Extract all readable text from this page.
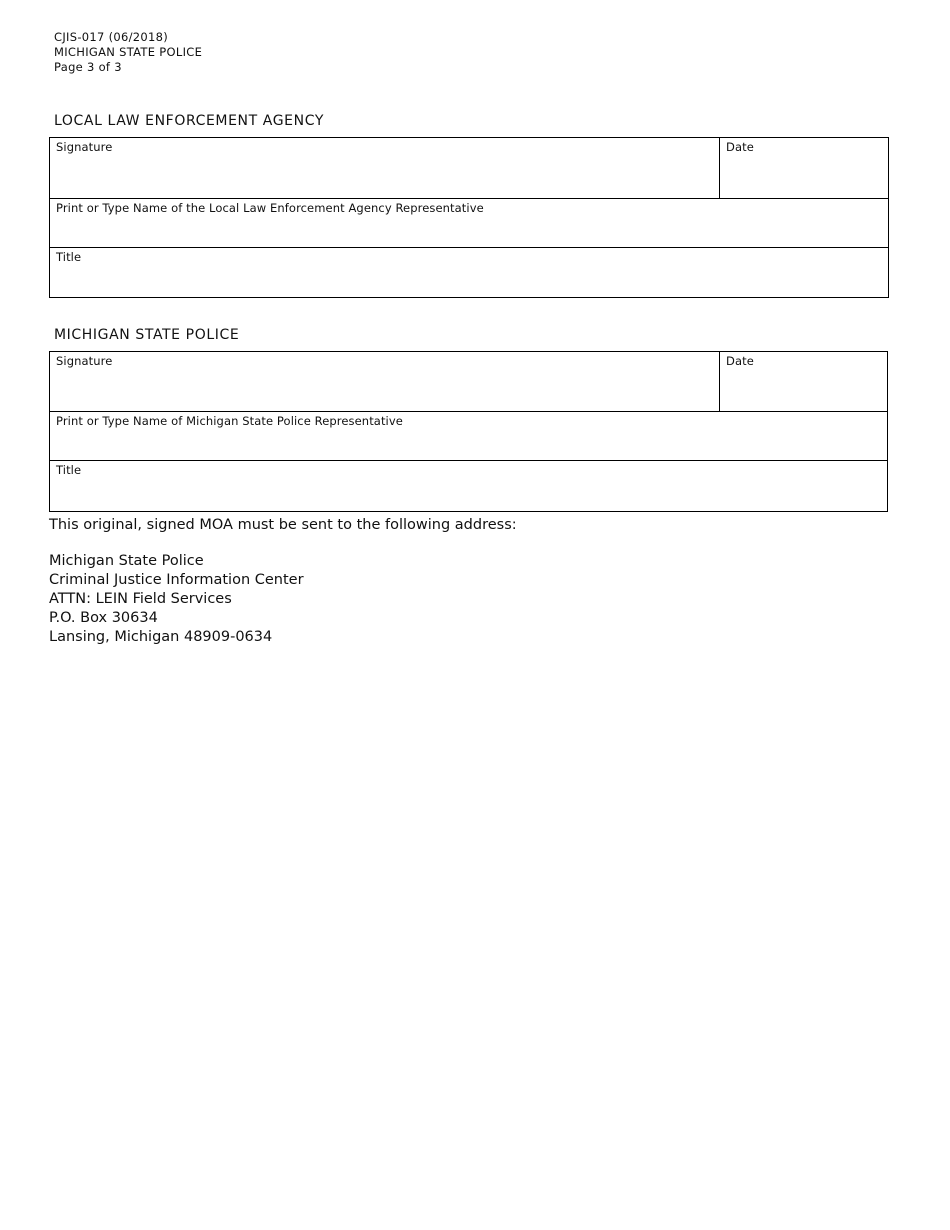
CJIS-017 (06/2018)
MICHIGAN STATE POLICE
Page 3 of 3
LOCAL LAW ENFORCEMENT AGENCY
Signature	Date
Print or Type Name of the Local Law Enforcement Agency Representative
Title
MICHIGAN STATE POLICE
Signature	Date
Print or Type Name of Michigan State Police Representative
Title
This original, signed MOA must be sent to the following address:
Michigan State Police
Criminal Justice Information Center
ATTN: LEIN Field Services
P.O. Box 30634
Lansing, Michigan 48909-0634
